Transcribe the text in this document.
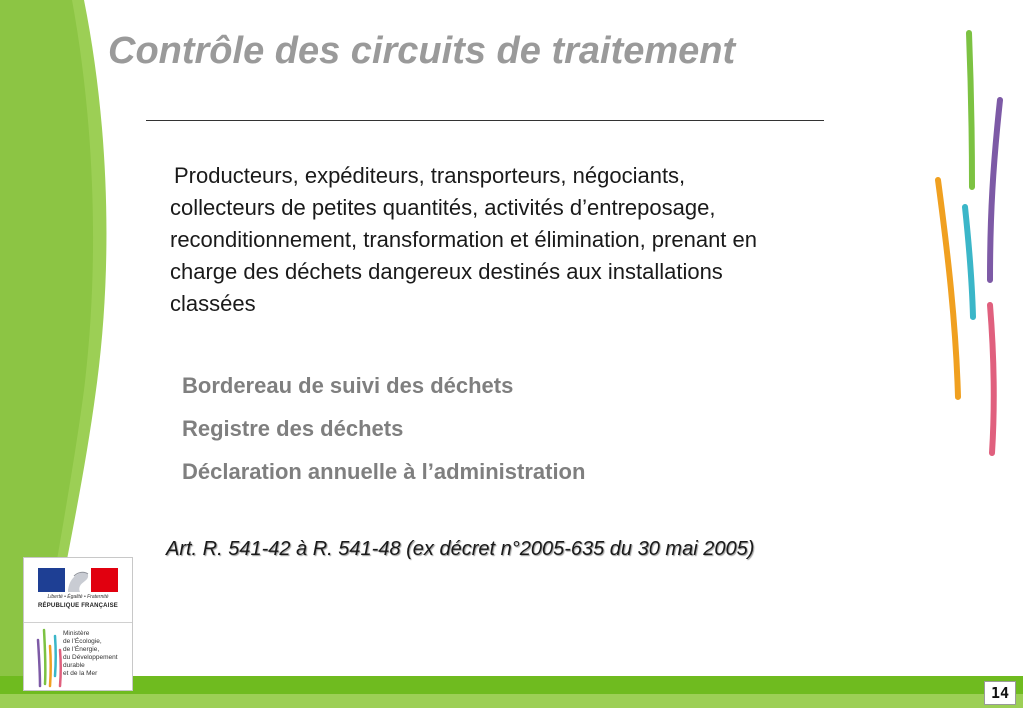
Contrôle des circuits de traitement

Producteurs, expéditeurs, transporteurs, négociants,
collecteurs de petites quantités, activités d’entreposage,
reconditionnement, transformation et élimination, prenant en
charge des déchets dangereux destinés aux installations
classées

Bordereau de suivi des déchets
Registre des déchets
Déclaration annuelle à l’administration
Art. R. 541-42 à R. 541-48 (ex décret n°2005-635 du 30 mai 2005)
14
Liberté • Égalité • Fraternité
RÉPUBLIQUE FRANÇAISE
Ministère
de l’Écologie,
de l’Énergie,
du Développement
durable
et de la Mer
